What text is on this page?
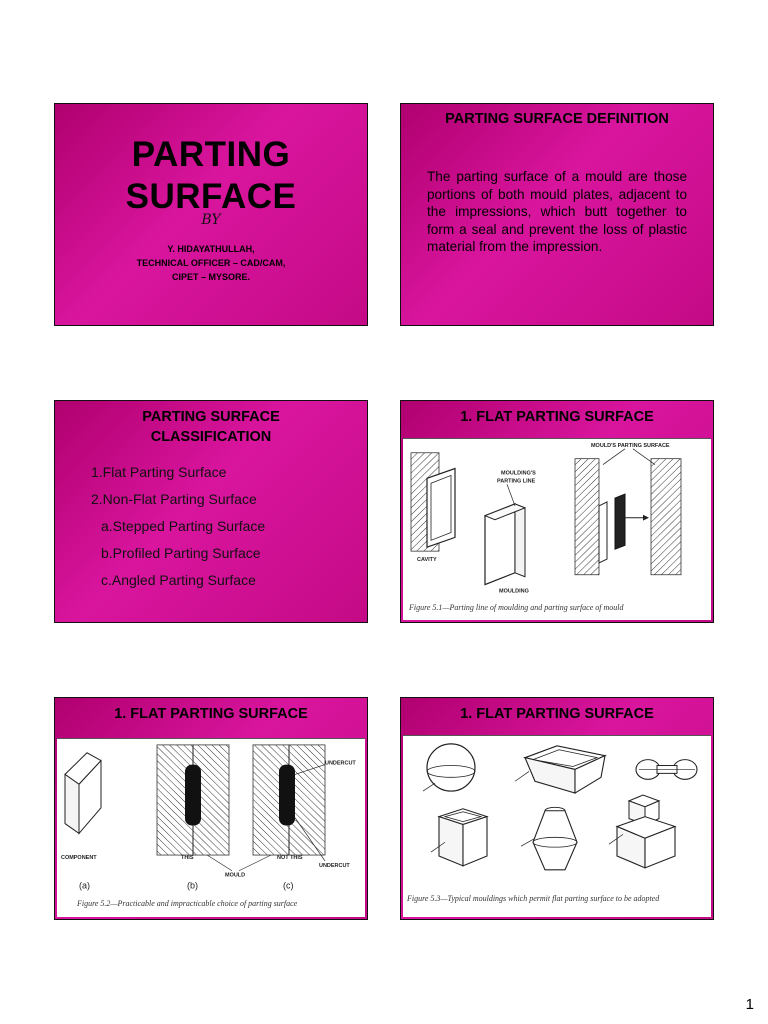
PARTING
SURFACE
BY
Y. HIDAYATHULLAH,
TECHNICAL OFFICER – CAD/CAM,
CIPET – MYSORE.
PARTING SURFACE DEFINITION
The parting surface of a mould are those portions of both mould plates, adjacent to the impressions, which butt together to form a seal and prevent the loss of plastic material from the impression.
PARTING SURFACE
CLASSIFICATION
1.Flat Parting Surface
2.Non-Flat Parting Surface
a.Stepped Parting Surface
b.Profiled Parting Surface
c.Angled Parting Surface
1. FLAT PARTING SURFACE
CAVITY
MOULDING'S
PARTING LINE
MOULDING
MOULD'S PARTING SURFACE
Figure 5.1—Parting line of moulding and parting surface of mould
1. FLAT PARTING SURFACE
COMPONENT
(a)
THIS
(b)
UNDERCUT
NOT THIS
UNDERCUT
MOULD
(c)
Figure 5.2—Practicable and impracticable choice of parting surface
1. FLAT PARTING SURFACE
Figure 5.3—Typical mouldings which permit flat parting surface to be adopted
1
